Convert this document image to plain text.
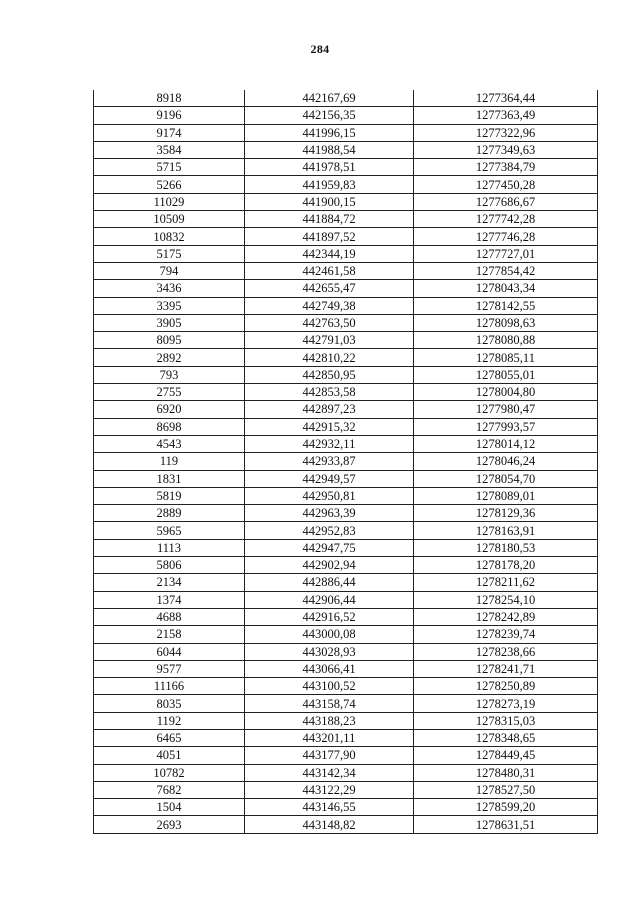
284
8918	442167,69	1277364,44
9196	442156,35	1277363,49
9174	441996,15	1277322,96
3584	441988,54	1277349,63
5715	441978,51	1277384,79
5266	441959,83	1277450,28
11029	441900,15	1277686,67
10509	441884,72	1277742,28
10832	441897,52	1277746,28
5175	442344,19	1277727,01
794	442461,58	1277854,42
3436	442655,47	1278043,34
3395	442749,38	1278142,55
3905	442763,50	1278098,63
8095	442791,03	1278080,88
2892	442810,22	1278085,11
793	442850,95	1278055,01
2755	442853,58	1278004,80
6920	442897,23	1277980,47
8698	442915,32	1277993,57
4543	442932,11	1278014,12
119	442933,87	1278046,24
1831	442949,57	1278054,70
5819	442950,81	1278089,01
2889	442963,39	1278129,36
5965	442952,83	1278163,91
1113	442947,75	1278180,53
5806	442902,94	1278178,20
2134	442886,44	1278211,62
1374	442906,44	1278254,10
4688	442916,52	1278242,89
2158	443000,08	1278239,74
6044	443028,93	1278238,66
9577	443066,41	1278241,71
11166	443100,52	1278250,89
8035	443158,74	1278273,19
1192	443188,23	1278315,03
6465	443201,11	1278348,65
4051	443177,90	1278449,45
10782	443142,34	1278480,31
7682	443122,29	1278527,50
1504	443146,55	1278599,20
2693	443148,82	1278631,51
